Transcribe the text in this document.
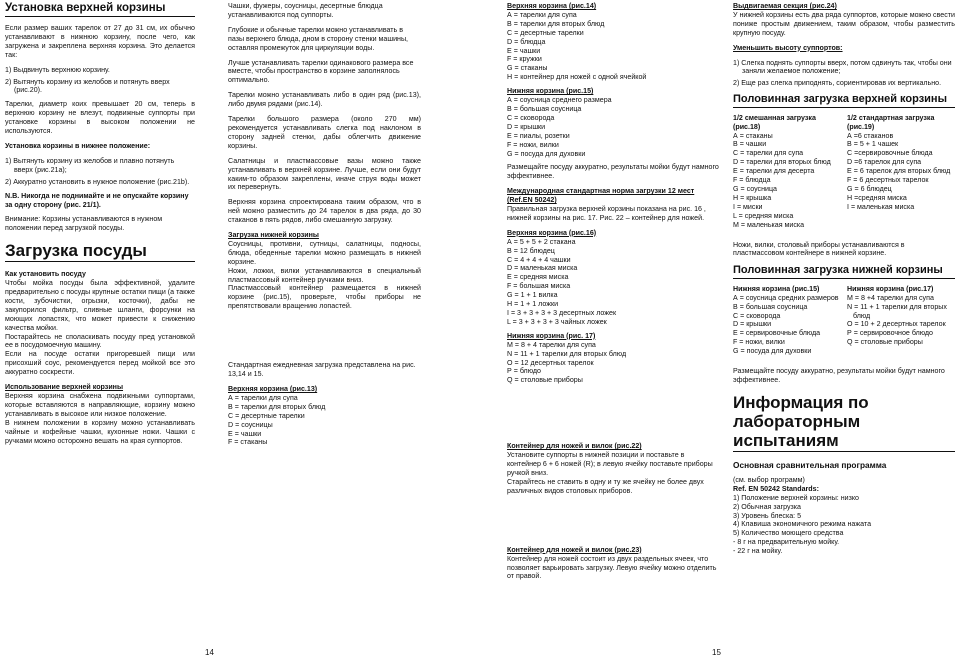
Установка верхней корзины

Если размер ваших тарелок от 27 до 31 см, их обычно устанавливают в нижнюю корзину, после чего, как загружена и закреплена верхняя корзина. Это делается так:

1) Выдвинуть верхнюю корзину.
2) Вытянуть корзину из желобов и потянуть вверх (рис.20).

Тарелки, диаметр коих превышает 20 см, теперь в верхнюю корзину не влезут, подвижные суппорты при установке корзины в высоком положении не используются.

Установка корзины в нижнее положение:

1) Вытянуть корзину из желобов и плавно потянуть вверх (рис.21а);
2) Аккуратно установить в нужное положение (рис.21b).

N.B. Никогда не поднимайте и не опускайте корзину за одну сторону (рис. 21/1).

Внимание: Корзины устанавливаются в нужном положении перед загрузкой посуды.

Загрузка посуды

Как установить посуду

Чтобы мойка посуды была эффективной, удалите предварительно с посуды крупные остатки пищи (а также кости, зубочистки, огрызки, косточки), дабы не закупорился фильтр, сливные шланги, форсунки на моющих лопастях, что может привести к снижению качества мойки.
Постарайтесь не споласкивать посуду пред установкой ее в посудомоечную машину.
Если на посуде остатки пригоревшей пищи или присохший соус, рекомендуется перед мойкой все это аккуратно соскрести.

Использование верхней корзины

Верхняя корзина снабжена подвижными суппортами, которые вставляются в направляющие, корзину можно устанавливать в высокое или низкое положение.
В нижнем положении в корзину можно устанавливать чайные и кофейные чашки, кухонные ножи. Чашки с ручками можно осторожно вешать на края суппортов.

Чашки, фужеры, соусницы, десертные блюдца устанавливаются под суппорты.

Глубокие и обычные тарелки можно устанавливать в пазы верхнего блюда, дном в сторону стенки машины, оставляя промежуток для циркуляции воды.

Лучше устанавливать тарелки одинакового размера все вместе, чтобы пространство в корзине заполнялось оптимально.

Тарелки можно устанавливать либо в один ряд (рис.13), либо двумя рядами (рис.14).

Тарелки большого размера (около 270 мм) рекомендуется устанавливать слегка под наклоном в сторону задней стенки, дабы облегчить движение корзины.

Салатницы и пластмассовые вазы можно также устанавливать в верхней корзине. Лучше, если они будут каким-то образом закреплены, иначе струя воды может их перевернуть.

Верхняя корзина спроектирована таким образом, что в ней можно разместить до 24 тарелок в два ряда, до 30 стаканов в пять рядов, либо смешанную загрузку.

Загрузка нижней корзины

Соусницы, противни, сутницы, салатницы, подносы, блюда, обеденные тарелки можно размещать в нижней корзине.
Ножи, ложки, вилки устанавливаются в специальный пластмассовый контейнер ручками вниз.
Пластмассовый контейнер размещается в нижней корзине (рис.15), проверьте, чтобы приборы не препятствовали вращению лопастей.

Стандартная ежедневная загрузка представлена на рис. 13,14 и 15.

Верхняя корзина (рис.13)

А = тарелки для супа
В = тарелки для вторых блюд
С = десертные тарелки
D = соусницы
Е = чашки
F = стаканы

Верхняя корзина (рис.14)

А = тарелки для супа
В = тарелки для вторых блюд
С = десертные тарелки
D = блюдца
Е = чашки
F = кружки
G = стаканы
Н = контейнер для ножей с одной ячейкой

Нижняя корзина (рис.15)

А = соусница среднего размера
В = большая соусница
С = сковорода
D = крышки
Е = пиалы, розетки
F = ножи, вилки
G = посуда для духовки

Размещайте посуду аккуратно, результаты мойки будут намного эффективнее.

Международная стандартная норма загрузки 12 мест (Ref.EN 50242)

Правильная загрузка верхней корзины показана на рис. 16 , нижней корзины на рис. 17. Рис. 22 – контейнер для ножей.

Верхняя корзина (рис.16)

А = 5 + 5 + 2 стакана
В = 12 блюдец
С = 4 + 4 + 4 чашки
D = маленькая миска
Е = средняя миска
F = большая миска
G = 1 + 1 вилка
Н = 1 + 1 ложки
I = 3 + 3 + 3 + 3 десертных ложек
L = 3 + 3 + 3 + 3 чайных ложек

Нижняя корзина (рис. 17)

М = 8 + 4 тарелки для супа
N = 11 + 1 тарелки для вторых блюд
О = 12 десертных тарелок
Р = блюдо
Q = столовые приборы

Контейнер для ножей и вилок (рис.22)

Установите суппорты в нижней позиции и поставьте в контейнер 6 + 6 ножей (R); в левую ячейку поставьте приборы ручкой вниз.
Старайтесь не ставить в одну и ту же ячейку не более двух различных видов столовых приборов.

Контейнер для ножей и вилок (рис.23)

Контейнер для ножей состоит из двух раздельных ячеек, что позволяет варьировать загрузку. Левую ячейку можно отделить от правой.

Выдвигаемая секция (рис.24)

У нижней корзины есть два ряда суппортов, которые можно свести пониже простым движением, таким образом, чтобы разместить крупную посуду.

Уменьшить высоту суппортов:

1) Слегка поднять суппорты вверх, потом сдвинуть так, чтобы они заняли желаемое положение;
2) Еще раз слегка приподнять, сориентировав их вертикально.
Половинная загрузка верхней корзины

1/2 смешанная загрузка (рис.18)

А = стаканы
В = чашки
С = тарелки для супа
D = тарелки для вторых блюд
Е = тарелки для десерта
F = блюдца
G = соусница
Н = крышка
I = миски
L = средняя миска
М = маленькая миска

1/2 стандартная загрузка (рис.19)

А =6 стаканов
В = 5 + 1 чашек
С =сервировочные блюда
D =6 тарелок для супа
Е = 6 тарелок для вторых блюд
F = 6 десертных тарелок
G = 6 блюдец
Н =средняя миска
I = маленькая миска

Ножи, вилки, столовый приборы устанавливаются в пластмассовом контейнере в нижней корзине.

Половинная загрузка нижней корзины

Нижняя корзина (рис.15)

А = соусница средних размеров
В = большая соусница
С = сковорода
D = крышки
Е = сервировочные блюда
F = ножи, вилки
G = посуда для духовки

Нижняя корзина (рис.17)

М = 8 +4 тарелки для супа
N = 11 + 1 тарелки для вторых блюд
О = 10 + 2 десертных тарелок
Р = сервировочное блюдо
Q = столовые приборы

Размещайте посуду аккуратно, результаты мойки будут намного эффективнее.

Информация по лабораторным испытаниям
Основная сравнительная программа
(см. выбор программ)
Ref. EN 50242 Standards:
1) Положение верхней корзины: низко
2) Обычная загрузка
3) Уровень блеска: 5
4) Клавиша экономичного режима нажата
5) Количество моющего средства
- 8 г на предварительную мойку.
- 22 г на мойку.
14	15
